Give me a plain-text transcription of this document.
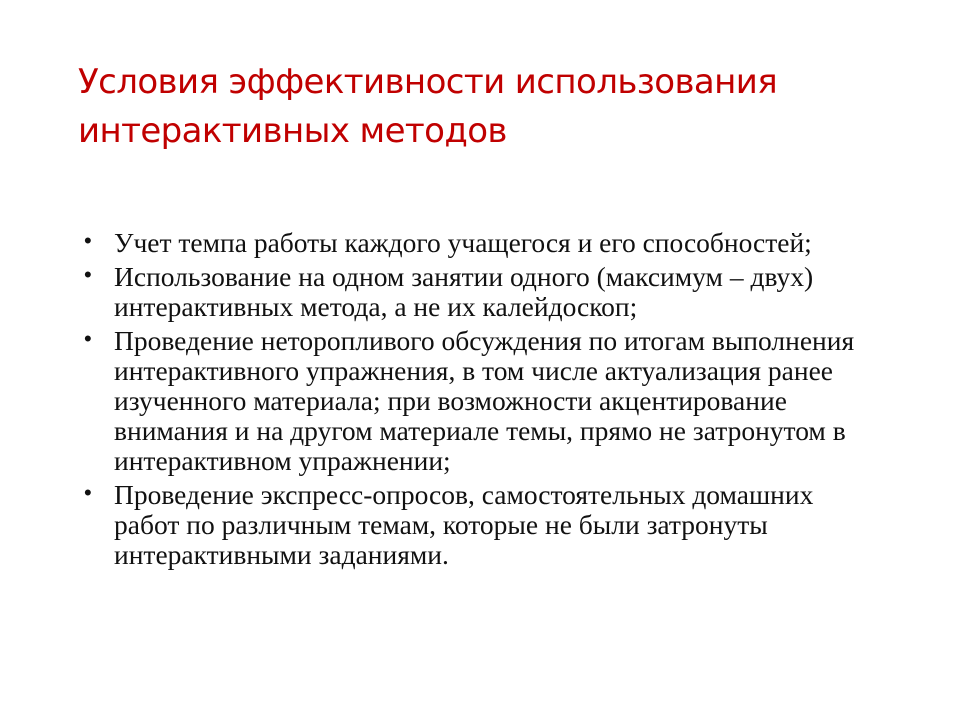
Условия эффективности использования
интерактивных методов
• Учет темпа работы каждого учащегося и его способностей;
• Использование на одном занятии одного (максимум – двух) интерактивных метода, а не их калейдоскоп;
• Проведение неторопливого обсуждения по итогам выполнения интерактивного упражнения, в том числе актуализация ранее изученного материала; при возможности акцентирование внимания и на другом материале темы, прямо не затронутом в интерактивном упражнении;
• Проведение экспресс-опросов, самостоятельных домашних работ по различным темам, которые не были затронуты интерактивными заданиями.
